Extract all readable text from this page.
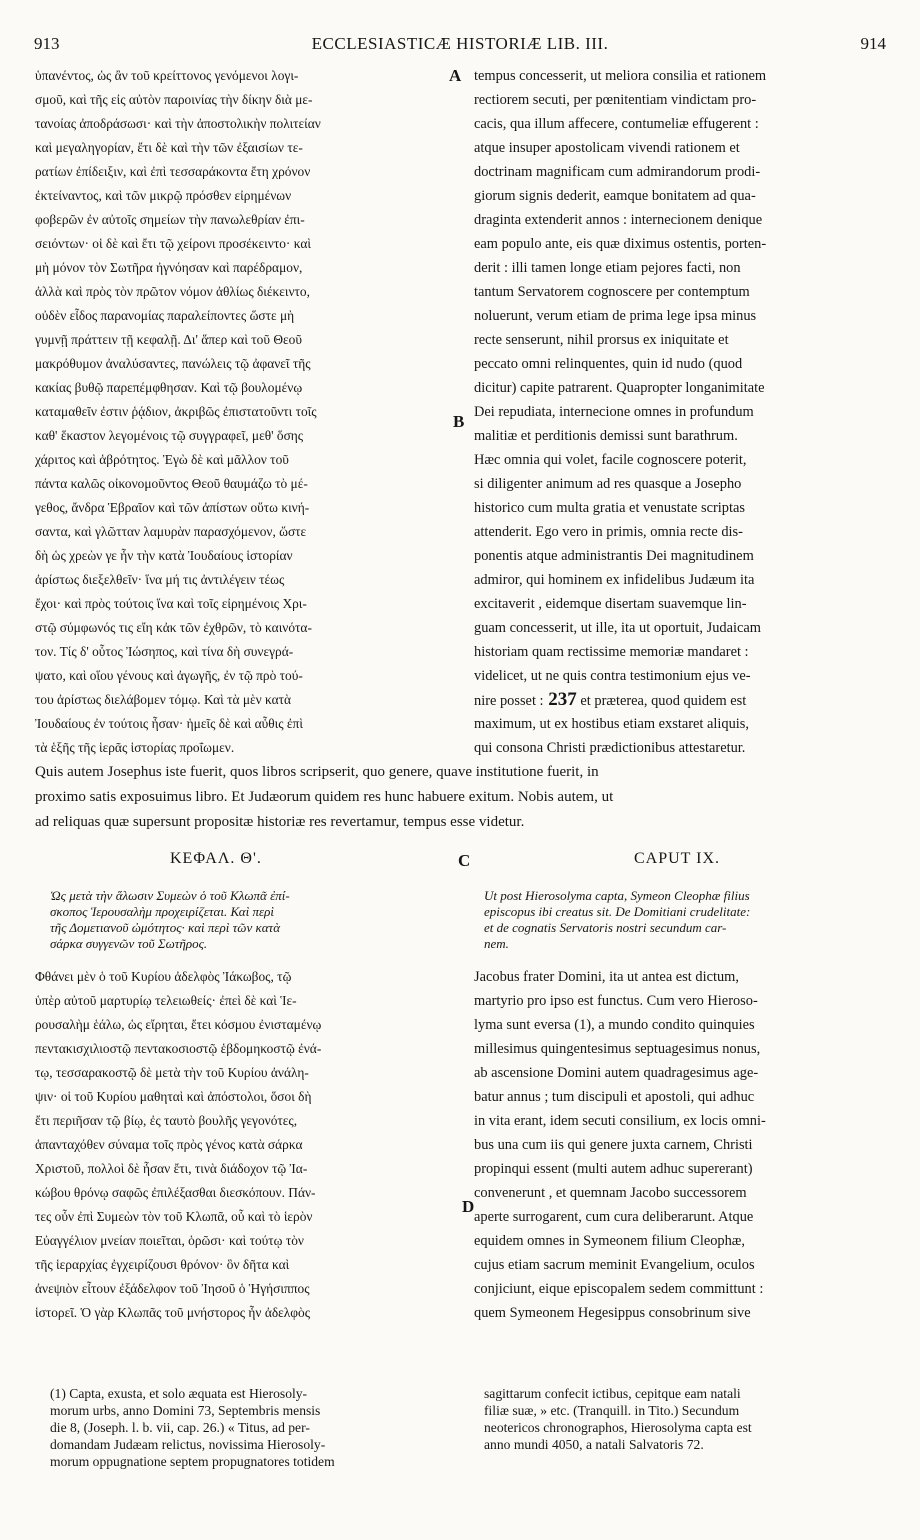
913	ECCLESIASTICÆ HISTORIÆ LIB. III.	914
ὑπανέντος, ὡς ἂν τοῦ κρείττονος γενόμενοι λογι-
σμοῦ, καὶ τῆς εἰς αὐτὸν παροινίας τὴν δίκην διὰ με-
τανοίας ἀποδράσωσι· καὶ τὴν ἀποστολικὴν πολιτείαν
καὶ μεγαληγορίαν, ἔτι δὲ καὶ τὴν τῶν ἐξαισίων τε-
ρατίων ἐπίδειξιν, καὶ ἐπὶ τεσσαράκοντα ἔτη χρόνον
ἐκτείναντος, καὶ τῶν μικρῷ πρόσθεν εἰρημένων
φοβερῶν ἐν αὐτοῖς σημείων τὴν πανωλεθρίαν ἐπι-
σειόντων· οἱ δὲ καὶ ἔτι τῷ χείρονι προσέκειντο· καὶ
μὴ μόνον τὸν Σωτῆρα ἠγνόησαν καὶ παρέδραμον,
ἀλλὰ καὶ πρὸς τὸν πρῶτον νόμον ἀθλίως διέκειντο,
οὐδὲν εἶδος παρανομίας παραλείποντες ὥστε μὴ
γυμνῇ πράττειν τῇ κεφαλῇ. Δι' ἅπερ καὶ τοῦ Θεοῦ
μακρόθυμον ἀναλύσαντες, πανώλεις τῷ ἀφανεῖ τῆς
κακίας βυθῷ παρεπέμφθησαν. Καὶ τῷ βουλομένῳ
καταμαθεῖν ἐστιν ῥᾴδιον, ἀκριβῶς ἐπιστατοῦντι τοῖς
καθ' ἕκαστον λεγομένοις τῷ συγγραφεῖ, μεθ' ὅσης
χάριτος καὶ ἁβρότητος. Ἐγὼ δὲ καὶ μᾶλλον τοῦ
πάντα καλῶς οἰκονομοῦντος Θεοῦ θαυμάζω τὸ μέ-
γεθος, ἄνδρα Ἑβραῖον καὶ τῶν ἀπίστων οὕτω κινή-
σαντα, καὶ γλῶτταν λαμυρὰν παρασχόμενον, ὥστε
δὴ ὡς χρεὼν γε ἦν τὴν κατὰ Ἰουδαίους ἱστορίαν
ἀρίστως διεξελθεῖν· ἵνα μή τις ἀντιλέγειν τέως
ἔχοι· καὶ πρὸς τούτοις ἵνα καὶ τοῖς εἰρημένοις Χρι-
στῷ σύμφωνός τις εἴη κἀκ τῶν ἐχθρῶν, τὸ καινότα-
τον. Τίς δ' οὗτος Ἰώσηπος, καὶ τίνα δὴ συνεγρά-
ψατο, καὶ οἵου γένους καὶ ἀγωγῆς, ἐν τῷ πρὸ τού-
του ἀρίστως διελάβομεν τόμῳ. Καὶ τὰ μὲν κατὰ
Ἰουδαίους ἐν τούτοις ἦσαν· ἡμεῖς δὲ καὶ αὖθις ἐπὶ
τὰ ἑξῆς τῆς ἱερᾶς ἱστορίας προΐωμεν.
tempus concesserit, ut meliora consilia et rationem
rectiorem secuti, per pœnitentiam vindictam pro-
cacis, qua illum affecere, contumeliæ effugerent :
atque insuper apostolicam vivendi rationem et
doctrinam magnificam cum admirandorum prodi-
giorum signis dederit, eamque bonitatem ad qua-
draginta extenderit annos : internecionem denique
eam populo ante, eis quæ diximus ostentis, porten-
derit : illi tamen longe etiam pejores facti, non
tantum Servatorem cognoscere per contemptum
noluerunt, verum etiam de prima lege ipsa minus
recte senserunt, nihil prorsus ex iniquitate et
peccato omni relinquentes, quin id nudo (quod
dicitur) capite patrarent. Quapropter longanimitate
Dei repudiata, internecione omnes in profundum
malitiæ et perditionis demissi sunt barathrum.
Hæc omnia qui volet, facile cognoscere poterit,
si diligenter animum ad res quasque a Josepho
historico cum multa gratia et venustate scriptas
attenderit. Ego vero in primis, omnia recte dis-
ponentis atque administrantis Dei magnitudinem
admiror, qui hominem ex infidelibus Judæum ita
excitaverit , eidemque disertam suavemque lin-
guam concesserit, ut ille, ita ut oportuit, Judaicam
historiam quam rectissime memoriæ mandaret :
videlicet, ut ne quis contra testimonium ejus ve-
nire posset : 237 et præterea, quod quidem est
maximum, ut ex hostibus etiam exstaret aliquis,
qui consona Christi prædictionibus attestaretur.
A
B
C
D
Quis autem Josephus iste fuerit, quos libros scripserit, quo genere, quave institutione fuerit, in
proximo satis exposuimus libro. Et Judæorum quidem res hunc habuere exitum. Nobis autem, ut
ad reliquas quæ supersunt propositæ historiæ res revertamur, tempus esse videtur.
ΚΕΦΑΛ. Θ'.	CAPUT IX.
Ὡς μετὰ τὴν ἅλωσιν Συμεὼν ὁ τοῦ Κλωπᾶ ἐπί-
σκοπος Ἱερουσαλὴμ προχειρίζεται. Καὶ περὶ
τῆς Δομετιανοῦ ὠμότητος· καὶ περὶ τῶν κατὰ
σάρκα συγγενῶν τοῦ Σωτῆρος.
Ut post Hierosolyma capta, Symeon Cleophæ filius
episcopus ibi creatus sit. De Domitiani crudelitate:
et de cognatis Servatoris nostri secundum car-
nem.
Φθάνει μὲν ὁ τοῦ Κυρίου ἀδελφὸς Ἰάκωβος, τῷ
ὑπὲρ αὐτοῦ μαρτυρίῳ τελειωθείς· ἐπεὶ δὲ καὶ Ἱε-
ρουσαλὴμ ἑάλω, ὡς εἴρηται, ἔτει κόσμου ἐνισταμένῳ
πεντακισχιλιοστῷ πεντακοσιοστῷ ἑβδομηκοστῷ ἐνά-
τῳ, τεσσαρακοστῷ δὲ μετὰ τὴν τοῦ Κυρίου ἀνάλη-
ψιν· οἱ τοῦ Κυρίου μαθηταὶ καὶ ἀπόστολοι, ὅσοι δὴ
ἔτι περιῆσαν τῷ βίῳ, ἐς ταυτὸ βουλῆς γεγονότες,
ἁπανταχόθεν σύναμα τοῖς πρὸς γένος κατὰ σάρκα
Χριστοῦ, πολλοὶ δὲ ἦσαν ἔτι, τινὰ διάδοχον τῷ Ἰα-
κώβου θρόνῳ σαφῶς ἐπιλέξασθαι διεσκόπουν. Πάν-
τες οὖν ἐπὶ Συμεὼν τὸν τοῦ Κλωπᾶ, οὗ καὶ τὸ ἱερὸν
Εὐαγγέλιον μνείαν ποιεῖται, ὁρῶσι· καὶ τούτῳ τὸν
τῆς ἱεραρχίας ἐγχειρίζουσι θρόνον· ὃν δῆτα καὶ
ἀνεψιὸν εἶτουν ἐξάδελφον τοῦ Ἰησοῦ ὁ Ἡγήσιππος
ἱστορεῖ. Ὁ γὰρ Κλωπᾶς τοῦ μνήστορος ἦν ἀδελφὸς
Jacobus frater Domini, ita ut antea est dictum,
martyrio pro ipso est functus. Cum vero Hieroso-
lyma sunt eversa (1), a mundo condito quinquies
millesimus quingentesimus septuagesimus nonus,
ab ascensione Domini autem quadragesimus age-
batur annus ; tum discipuli et apostoli, qui adhuc
in vita erant, idem secuti consilium, ex locis omni-
bus una cum iis qui genere juxta carnem, Christi
propinqui essent (multi autem adhuc supererant)
convenerunt , et quemnam Jacobo successorem
aperte surrogarent, cum cura deliberarunt. Atque
equidem omnes in Symeonem filium Cleophæ,
cujus etiam sacrum meminit Evangelium, oculos
conjiciunt, eique episcopalem sedem committunt :
quem Symeonem Hegesippus consobrinum sive
(1) Capta, exusta, et solo æquata est Hierosoly-
morum urbs, anno Domini 73, Septembris mensis
die 8, (Joseph. l. b. vii, cap. 26.) « Titus, ad per-
domandam Judæam relictus, novissima Hierosoly-
morum oppugnatione septem propugnatores totidem
sagittarum confecit ictibus, cepitque eam natali
filiæ suæ, » etc. (Tranquill. in Tito.) Secundum
neotericos chronographos, Hierosolyma capta est
anno mundi 4050, a natali Salvatoris 72.
